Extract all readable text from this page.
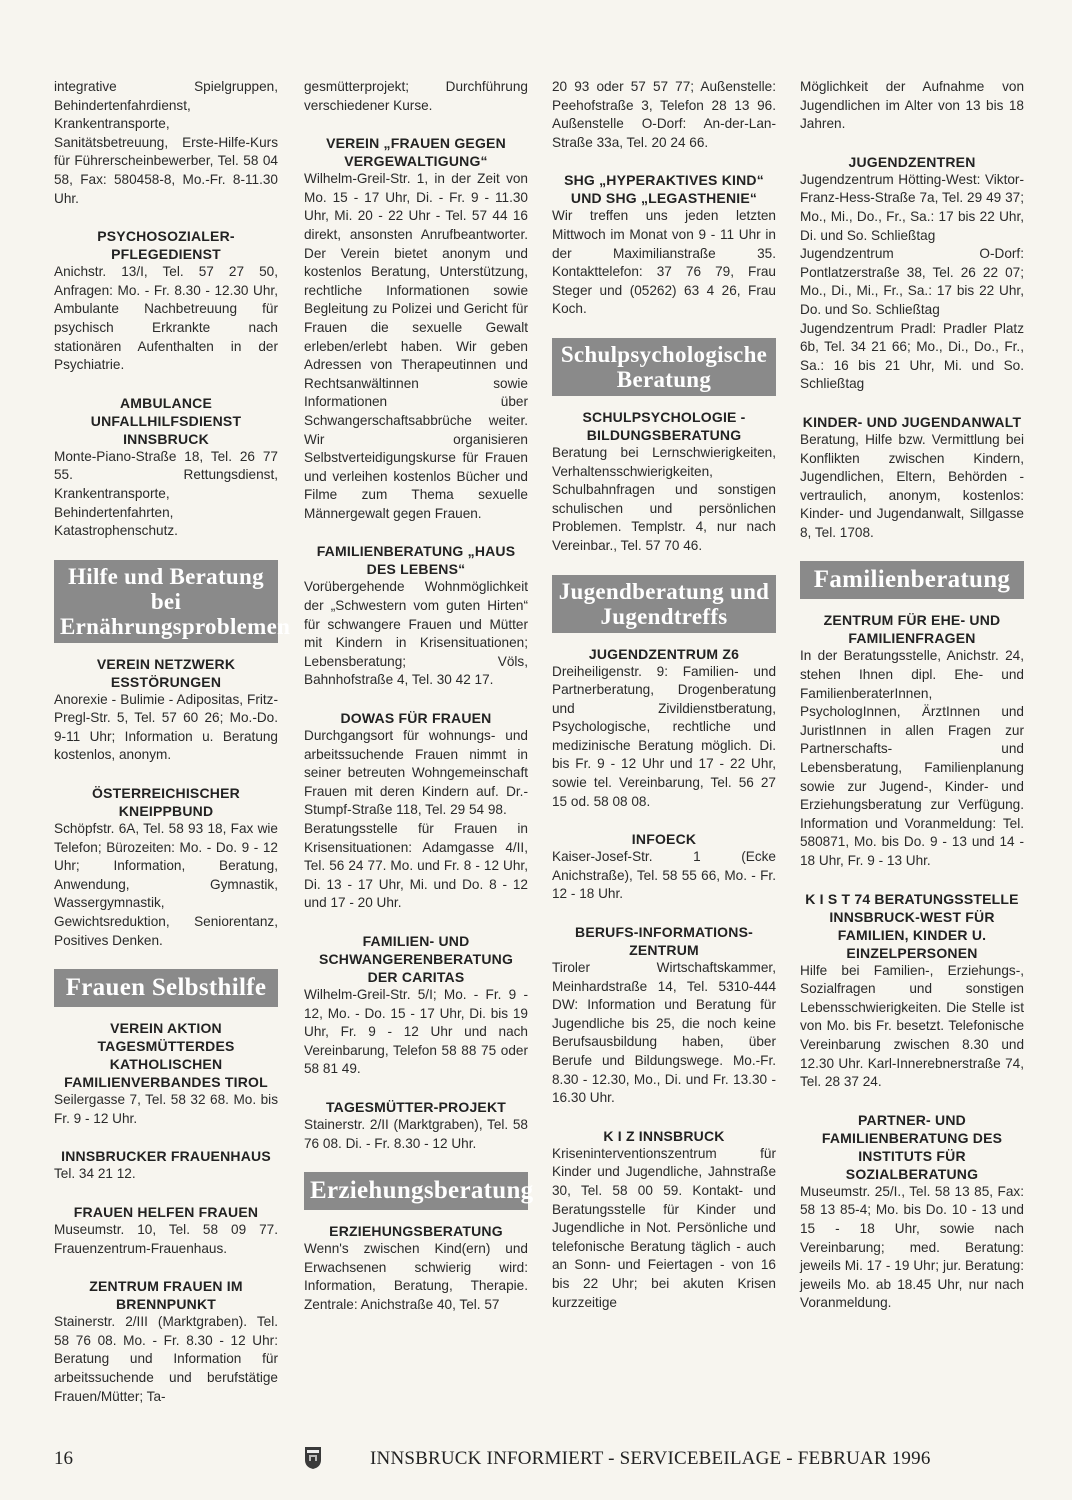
integrative Spielgruppen, Behindertenfahrdienst, Krankentransporte, Sanitätsbetreuung, Erste-Hilfe-Kurs für Führerscheinbewerber, Tel. 58 04 58, Fax: 580458-8, Mo.-Fr. 8-11.30 Uhr.
PSYCHOSOZIALER-PFLEGEDIENST
Anichstr. 13/I, Tel. 57 27 50, Anfragen: Mo. - Fr. 8.30 - 12.30 Uhr, Ambulante Nachbetreuung für psychisch Erkrankte nach stationären Aufenthalten in der Psychiatrie.
AMBULANCE UNFALLHILFSDIENST INNSBRUCK
Monte-Piano-Straße 18, Tel. 26 77 55. Rettungsdienst, Krankentransporte, Behindertenfahrten, Katastrophenschutz.
Hilfe und Beratung bei Ernährungsproblemen
VEREIN NETZWERK ESSTÖRUNGEN
Anorexie - Bulimie - Adipositas, Fritz-Pregl-Str. 5, Tel. 57 60 26; Mo.-Do. 9-11 Uhr; Information u. Beratung kostenlos, anonym.
ÖSTERREICHISCHER KNEIPPBUND
Schöpfstr. 6A, Tel. 58 93 18, Fax wie Telefon; Bürozeiten: Mo. - Do. 9 - 12 Uhr; Information, Beratung, Anwendung, Gymnastik, Wassergymnastik, Gewichtsreduktion, Seniorentanz, Positives Denken.
Frauen Selbsthilfe
VEREIN AKTION TAGESMÜTTERDES KATHOLISCHEN FAMILIENVERBANDES TIROL
Seilergasse 7, Tel. 58 32 68. Mo. bis Fr. 9 - 12 Uhr.
INNSBRUCKER FRAUENHAUS
Tel. 34 21 12.
FRAUEN HELFEN FRAUEN
Museumstr. 10, Tel. 58 09 77. Frauenzentrum-Frauenhaus.
ZENTRUM FRAUEN IM BRENNPUNKT
Stainerstr. 2/III (Marktgraben). Tel. 58 76 08. Mo. - Fr. 8.30 - 12 Uhr: Beratung und Information für arbeitssuchende und berufstätige Frauen/Mütter; Ta-
gesmütterprojekt; Durchführung verschiedener Kurse.
VEREIN „FRAUEN GEGEN VERGEWALTIGUNG“
Wilhelm-Greil-Str. 1, in der Zeit von Mo. 15 - 17 Uhr, Di. - Fr. 9 - 11.30 Uhr, Mi. 20 - 22 Uhr - Tel. 57 44 16 direkt, ansonsten Anrufbeantworter. Der Verein bietet anonym und kostenlos Beratung, Unterstützung, rechtliche Informationen sowie Begleitung zu Polizei und Gericht für Frauen die sexuelle Gewalt erleben/erlebt haben. Wir geben Adressen von Therapeutinnen und Rechtsanwältinnen sowie Informationen über Schwangerschaftsabbrüche weiter. Wir organisieren Selbstverteidigungskurse für Frauen und verleihen kostenlos Bücher und Filme zum Thema sexuelle Männergewalt gegen Frauen.
FAMILIENBERATUNG „HAUS DES LEBENS“
Vorübergehende Wohnmöglichkeit der „Schwestern vom guten Hirten“ für schwangere Frauen und Mütter mit Kindern in Krisensituationen; Lebensberatung; Völs, Bahnhofstraße 4, Tel. 30 42 17.
DOWAS FÜR FRAUEN
Durchgangsort für wohnungs- und arbeitssuchende Frauen nimmt in seiner betreuten Wohngemeinschaft Frauen mit deren Kindern auf. Dr.-Stumpf-Straße 118, Tel. 29 54 98.
Beratungsstelle für Frauen in Krisensituationen: Adamgasse 4/II, Tel. 56 24 77. Mo. und Fr. 8 - 12 Uhr, Di. 13 - 17 Uhr, Mi. und Do. 8 - 12 und 17 - 20 Uhr.
FAMILIEN- UND SCHWANGERENBERATUNG DER CARITAS
Wilhelm-Greil-Str. 5/I; Mo. - Fr. 9 - 12, Mo. - Do. 15 - 17 Uhr, Di. bis 19 Uhr, Fr. 9 - 12 Uhr und nach Vereinbarung, Telefon 58 88 75 oder 58 81 49.
TAGESMÜTTER-PROJEKT
Stainerstr. 2/II (Marktgraben), Tel. 58 76 08. Di. - Fr. 8.30 - 12 Uhr.
Erziehungsberatung
ERZIEHUNGSBERATUNG
Wenn's zwischen Kind(ern) und Erwachsenen schwierig wird: Information, Beratung, Therapie. Zentrale: Anichstraße 40, Tel. 57
20 93 oder 57 57 77; Außenstelle: Peehofstraße 3, Telefon 28 13 96. Außenstelle O-Dorf: An-der-Lan-Straße 33a, Tel. 20 24 66.
SHG „HYPERAKTIVES KIND“ UND SHG „LEGASTHENIE“
Wir treffen uns jeden letzten Mittwoch im Monat von 9 - 11 Uhr in der Maximilianstraße 35. Kontakttelefon: 37 76 79, Frau Steger und (05262) 63 4 26, Frau Koch.
Schulpsychologische Beratung
SCHULPSYCHOLOGIE - BILDUNGSBERATUNG
Beratung bei Lernschwierigkeiten, Verhaltensschwierigkeiten, Schulbahnfragen und sonstigen schulischen und persönlichen Problemen. Templstr. 4, nur nach Vereinbar., Tel. 57 70 46.
Jugendberatung und Jugendtreffs
JUGENDZENTRUM Z6
Dreiheiligenstr. 9: Familien- und Partnerberatung, Drogenberatung und Zivildienstberatung, Psychologische, rechtliche und medizinische Beratung möglich. Di. bis Fr. 9 - 12 Uhr und 17 - 22 Uhr, sowie tel. Vereinbarung, Tel. 56 27 15 od. 58 08 08.
INFOECK
Kaiser-Josef-Str. 1 (Ecke Anichstraße), Tel. 58 55 66, Mo. - Fr. 12 - 18 Uhr.
BERUFS-INFORMATIONS-ZENTRUM
Tiroler Wirtschaftskammer, Meinhardstraße 14, Tel. 5310-444 DW: Information und Beratung für Jugendliche bis 25, die noch keine Berufsausbildung haben, über Berufe und Bildungswege. Mo.-Fr. 8.30 - 12.30, Mo., Di. und Fr. 13.30 - 16.30 Uhr.
K I Z INNSBRUCK
Kriseninterventionszentrum für Kinder und Jugendliche, Jahnstraße 30, Tel. 58 00 59. Kontakt- und Beratungsstelle für Kinder und Jugendliche in Not. Persönliche und telefonische Beratung täglich - auch an Sonn- und Feiertagen - von 16 bis 22 Uhr; bei akuten Krisen kurzzeitige
Möglichkeit der Aufnahme von Jugendlichen im Alter von 13 bis 18 Jahren.
JUGENDZENTREN
Jugendzentrum Hötting-West: Viktor-Franz-Hess-Straße 7a, Tel. 29 49 37; Mo., Mi., Do., Fr., Sa.: 17 bis 22 Uhr, Di. und So. Schließtag
Jugendzentrum O-Dorf: Pontlatzerstraße 38, Tel. 26 22 07; Mo., Di., Mi., Fr., Sa.: 17 bis 22 Uhr, Do. und So. Schließtag
Jugendzentrum Pradl: Pradler Platz 6b, Tel. 34 21 66; Mo., Di., Do., Fr., Sa.: 16 bis 21 Uhr, Mi. und So. Schließtag
KINDER- UND JUGENDANWALT
Beratung, Hilfe bzw. Vermittlung bei Konflikten zwischen Kindern, Jugendlichen, Eltern, Behörden - vertraulich, anonym, kostenlos: Kinder- und Jugendanwalt, Sillgasse 8, Tel. 1708.
Familienberatung
ZENTRUM FÜR EHE- UND FAMILIENFRAGEN
In der Beratungsstelle, Anichstr. 24, stehen Ihnen dipl. Ehe- und FamilienberaterInnen, PsychologInnen, ÄrztInnen und JuristInnen in allen Fragen zur Partnerschafts- und Lebensberatung, Familienplanung sowie zur Jugend-, Kinder- und Erziehungsberatung zur Verfügung. Information und Voranmeldung: Tel. 580871, Mo. bis Do. 9 - 13 und 14 - 18 Uhr, Fr. 9 - 13 Uhr.
K I S T 74 BERATUNGSSTELLE INNSBRUCK-WEST FÜR FAMILIEN, KINDER U. EINZELPERSONEN
Hilfe bei Familien-, Erziehungs-, Sozialfragen und sonstigen Lebensschwierigkeiten. Die Stelle ist von Mo. bis Fr. besetzt. Telefonische Vereinbarung zwischen 8.30 und 12.30 Uhr. Karl-Innerebnerstraße 74, Tel. 28 37 24.
PARTNER- UND FAMILIENBERATUNG DES INSTITUTS FÜR SOZIALBERATUNG
Museumstr. 25/I., Tel. 58 13 85, Fax: 58 13 85-4; Mo. bis Do. 10 - 13 und 15 - 18 Uhr, sowie nach Vereinbarung; med. Beratung: jeweils Mi. 17 - 19 Uhr; jur. Beratung: jeweils Mo. ab 18.45 Uhr, nur nach Voranmeldung.
16	INNSBRUCK INFORMIERT - SERVICEBEILAGE - FEBRUAR 1996
